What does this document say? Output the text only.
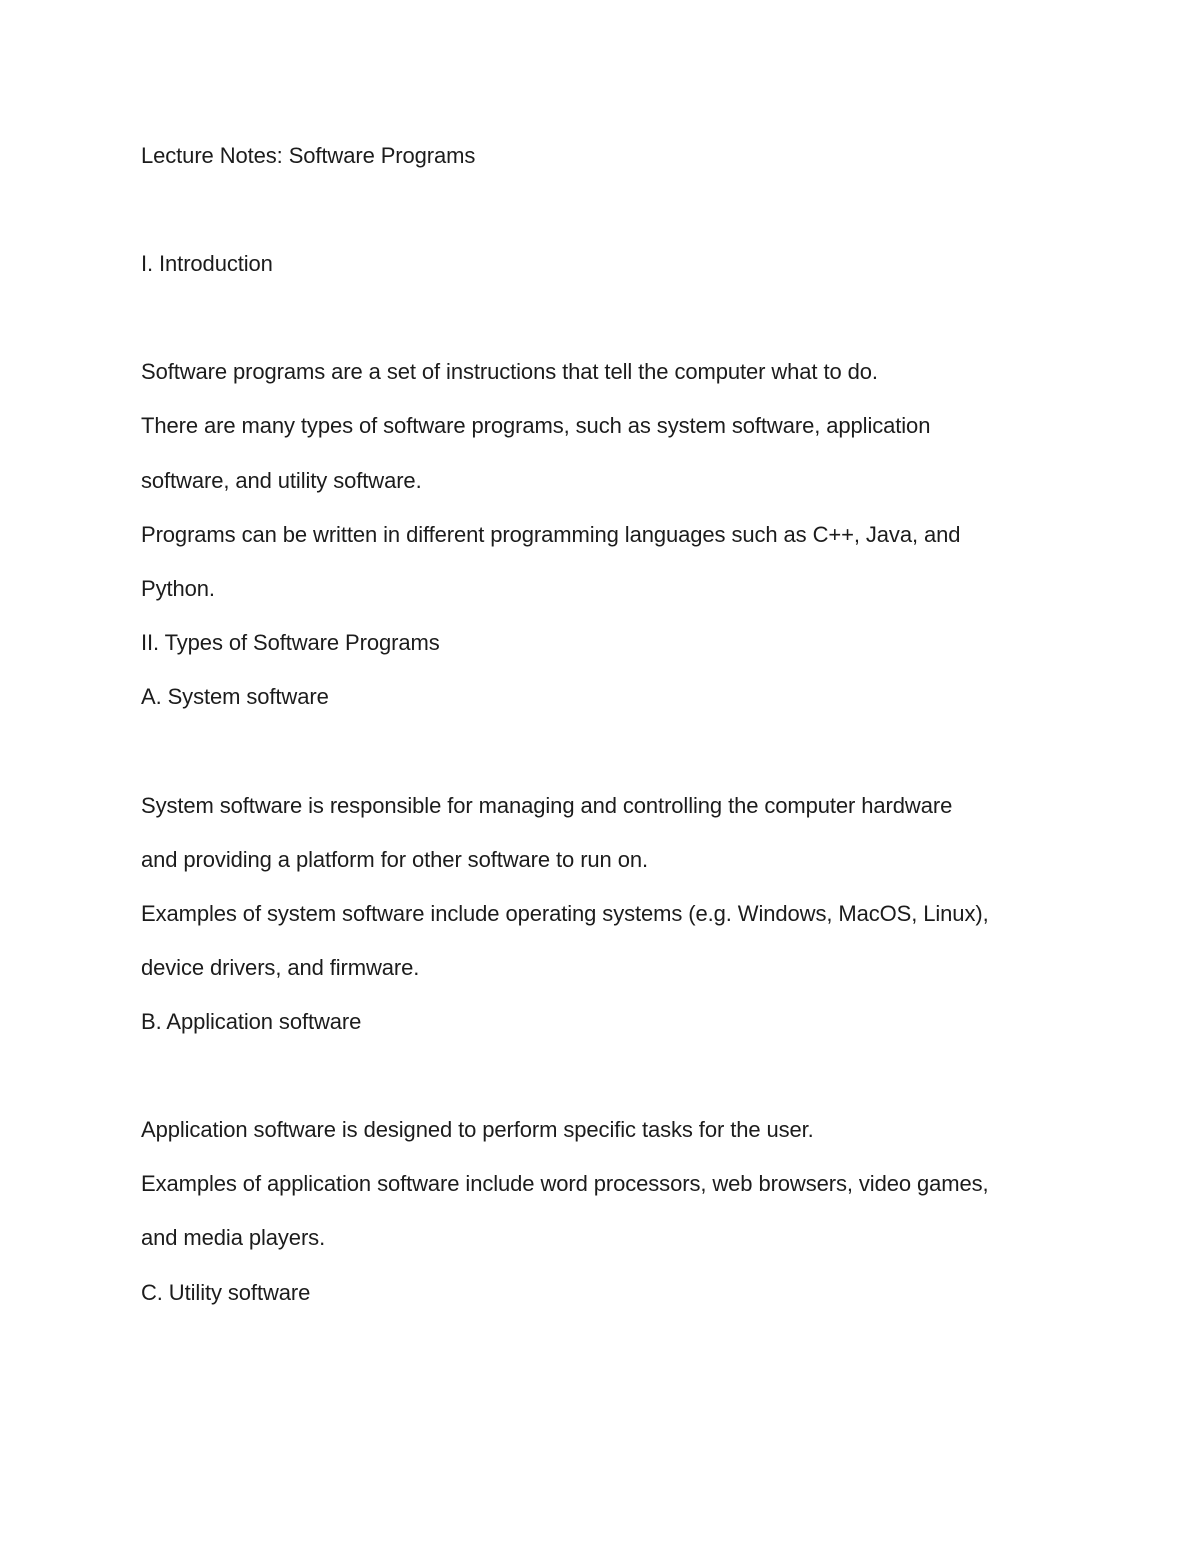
Lecture Notes: Software Programs

I. Introduction

Software programs are a set of instructions that tell the computer what to do.

There are many types of software programs, such as system software, application

software, and utility software.

Programs can be written in different programming languages such as C++, Java, and

Python.

II. Types of Software Programs

A. System software

System software is responsible for managing and controlling the computer hardware

and providing a platform for other software to run on.

Examples of system software include operating systems (e.g. Windows, MacOS, Linux),

device drivers, and firmware.

B. Application software

Application software is designed to perform specific tasks for the user.

Examples of application software include word processors, web browsers, video games,

and media players.

C. Utility software
